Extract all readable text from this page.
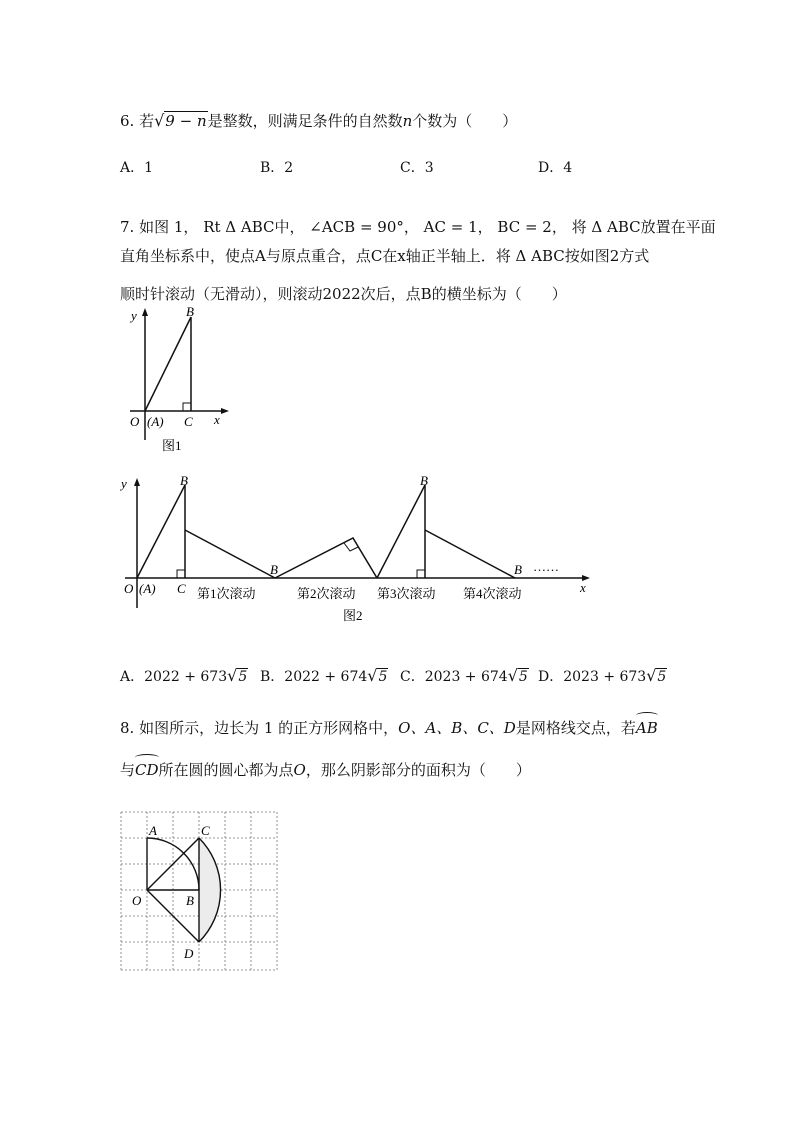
6. 若√9 − n是整数，则满足条件的自然数n个数为（　　）
A．1	B．2	C．3	D．4
7. 如图 1， Rt Δ ABC中， ∠ACB = 90°， AC = 1， BC = 2， 将 Δ ABC放置在平面
直角坐标系中，使点A与原点重合，点C在x轴正半轴上．将 Δ ABC按如图2方式
顺时针滚动（无滑动），则滚动2022次后，点B的横坐标为（　　）
y	B
x
O (A) C
图1
y
x
B
B
B
B ……
O (A) C 第1次滚动	第2次滚动 第3次滚动 第4次滚动
图2
A．2022 + 673√5 B．2022 + 674√5 C．2023 + 674√5 D．2023 + 673√5
8. 如图所示，边长为 1 的正方形网格中，O、A、B、C、D是网格线交点，若AB
与CD所在圆的圆心都为点O，那么阴影部分的面积为（　　）
A	C
O	B
D
